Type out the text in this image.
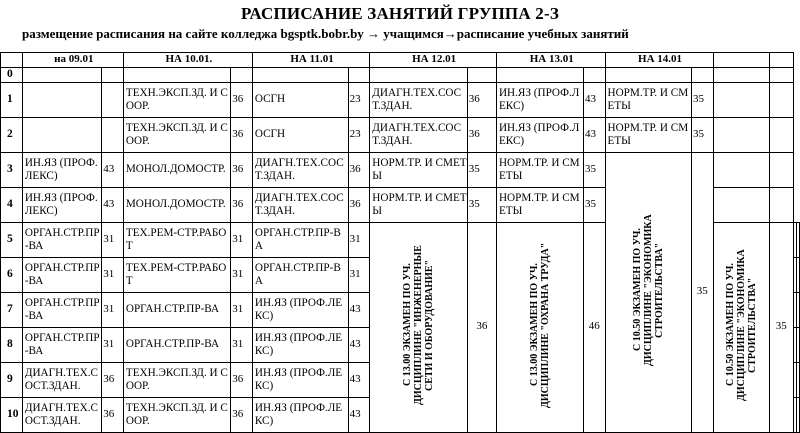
РАСПИСАНИЕ ЗАНЯТИЙ ГРУППА 2-З
размещение расписания на сайте колледжа bgsptk.bobr.by → учащимся→расписание учебных занятий
	на 09.01		НА 10.01.		НА 11.01		НА 12.01		НА 13.01		НА 14.01					
0																
1			ТЕХН.ЭКСП.ЗД. И СООР.	36	ОСГН	23	ДИАГН.ТЕХ.СОСТ.ЗДАН.	36	ИН.ЯЗ (ПРОФ.ЛЕКС)	43	НОРМ.ТР. И СМЕТЫ	35				
2			ТЕХН.ЭКСП.ЗД. И СООР.	36	ОСГН	23	ДИАГН.ТЕХ.СОСТ.ЗДАН.	36	ИН.ЯЗ (ПРОФ.ЛЕКС)	43	НОРМ.ТР. И СМЕТЫ	35				
3	ИН.ЯЗ (ПРОФ.ЛЕКС)	43	МОНОЛ.ДОМОСТР.	36	ДИАГН.ТЕХ.СОСТ.ЗДАН.	36	НОРМ.ТР. И СМЕТЫ	35	НОРМ.ТР. И СМЕТЫ	35	С 10.50 ЭКЗАМЕН ПО УЧ. ДИСЦИПЛИНЕ "ЭКОНОМИКА СТРОИТЕЛЬСТВА"	35				
4	ИН.ЯЗ (ПРОФ.ЛЕКС)	43	МОНОЛ.ДОМОСТР.	36	ДИАГН.ТЕХ.СОСТ.ЗДАН.	36	НОРМ.ТР. И СМЕТЫ	35	НОРМ.ТР. И СМЕТЫ	35						
5	ОРГАН.СТР.ПР-ВА	31	ТЕХ.РЕМ-СТР.РАБОТ	31	ОРГАН.СТР.ПР-ВА	31	С 13.00 ЭКЗАМЕН ПО УЧ. ДИСЦИПЛИНЕ "ИНЖЕНЕРНЫЕ СЕТИ И ОБОРУДОВАНИЕ"	36	С 13.00 ЭКЗАМЕН ПО УЧ. ДИСЦИПЛИНЕ "ОХРАНА ТРУДА"	46			С 10.50 ЭКЗАМЕН ПО УЧ. ДИСЦИПЛИНЕ "ЭКОНОМИКА СТРОИТЕЛЬСТВА"	35		
6	ОРГАН.СТР.ПР-ВА	31	ТЕХ.РЕМ-СТР.РАБОТ	31	ОРГАН.СТР.ПР-ВА	31										
7	ОРГАН.СТР.ПР-ВА	31	ОРГАН.СТР.ПР-ВА	31	ИН.ЯЗ (ПРОФ.ЛЕКС)	43										
8	ОРГАН.СТР.ПР-ВА	31	ОРГАН.СТР.ПР-ВА	31	ИН.ЯЗ (ПРОФ.ЛЕКС)	43										
9	ДИАГН.ТЕХ.СОСТ.ЗДАН.	36	ТЕХН.ЭКСП.ЗД. И СООР.	36	ИН.ЯЗ (ПРОФ.ЛЕКС)	43										
10	ДИАГН.ТЕХ.СОСТ.ЗДАН.	36	ТЕХН.ЭКСП.ЗД. И СООР.	36	ИН.ЯЗ (ПРОФ.ЛЕКС)	43										
